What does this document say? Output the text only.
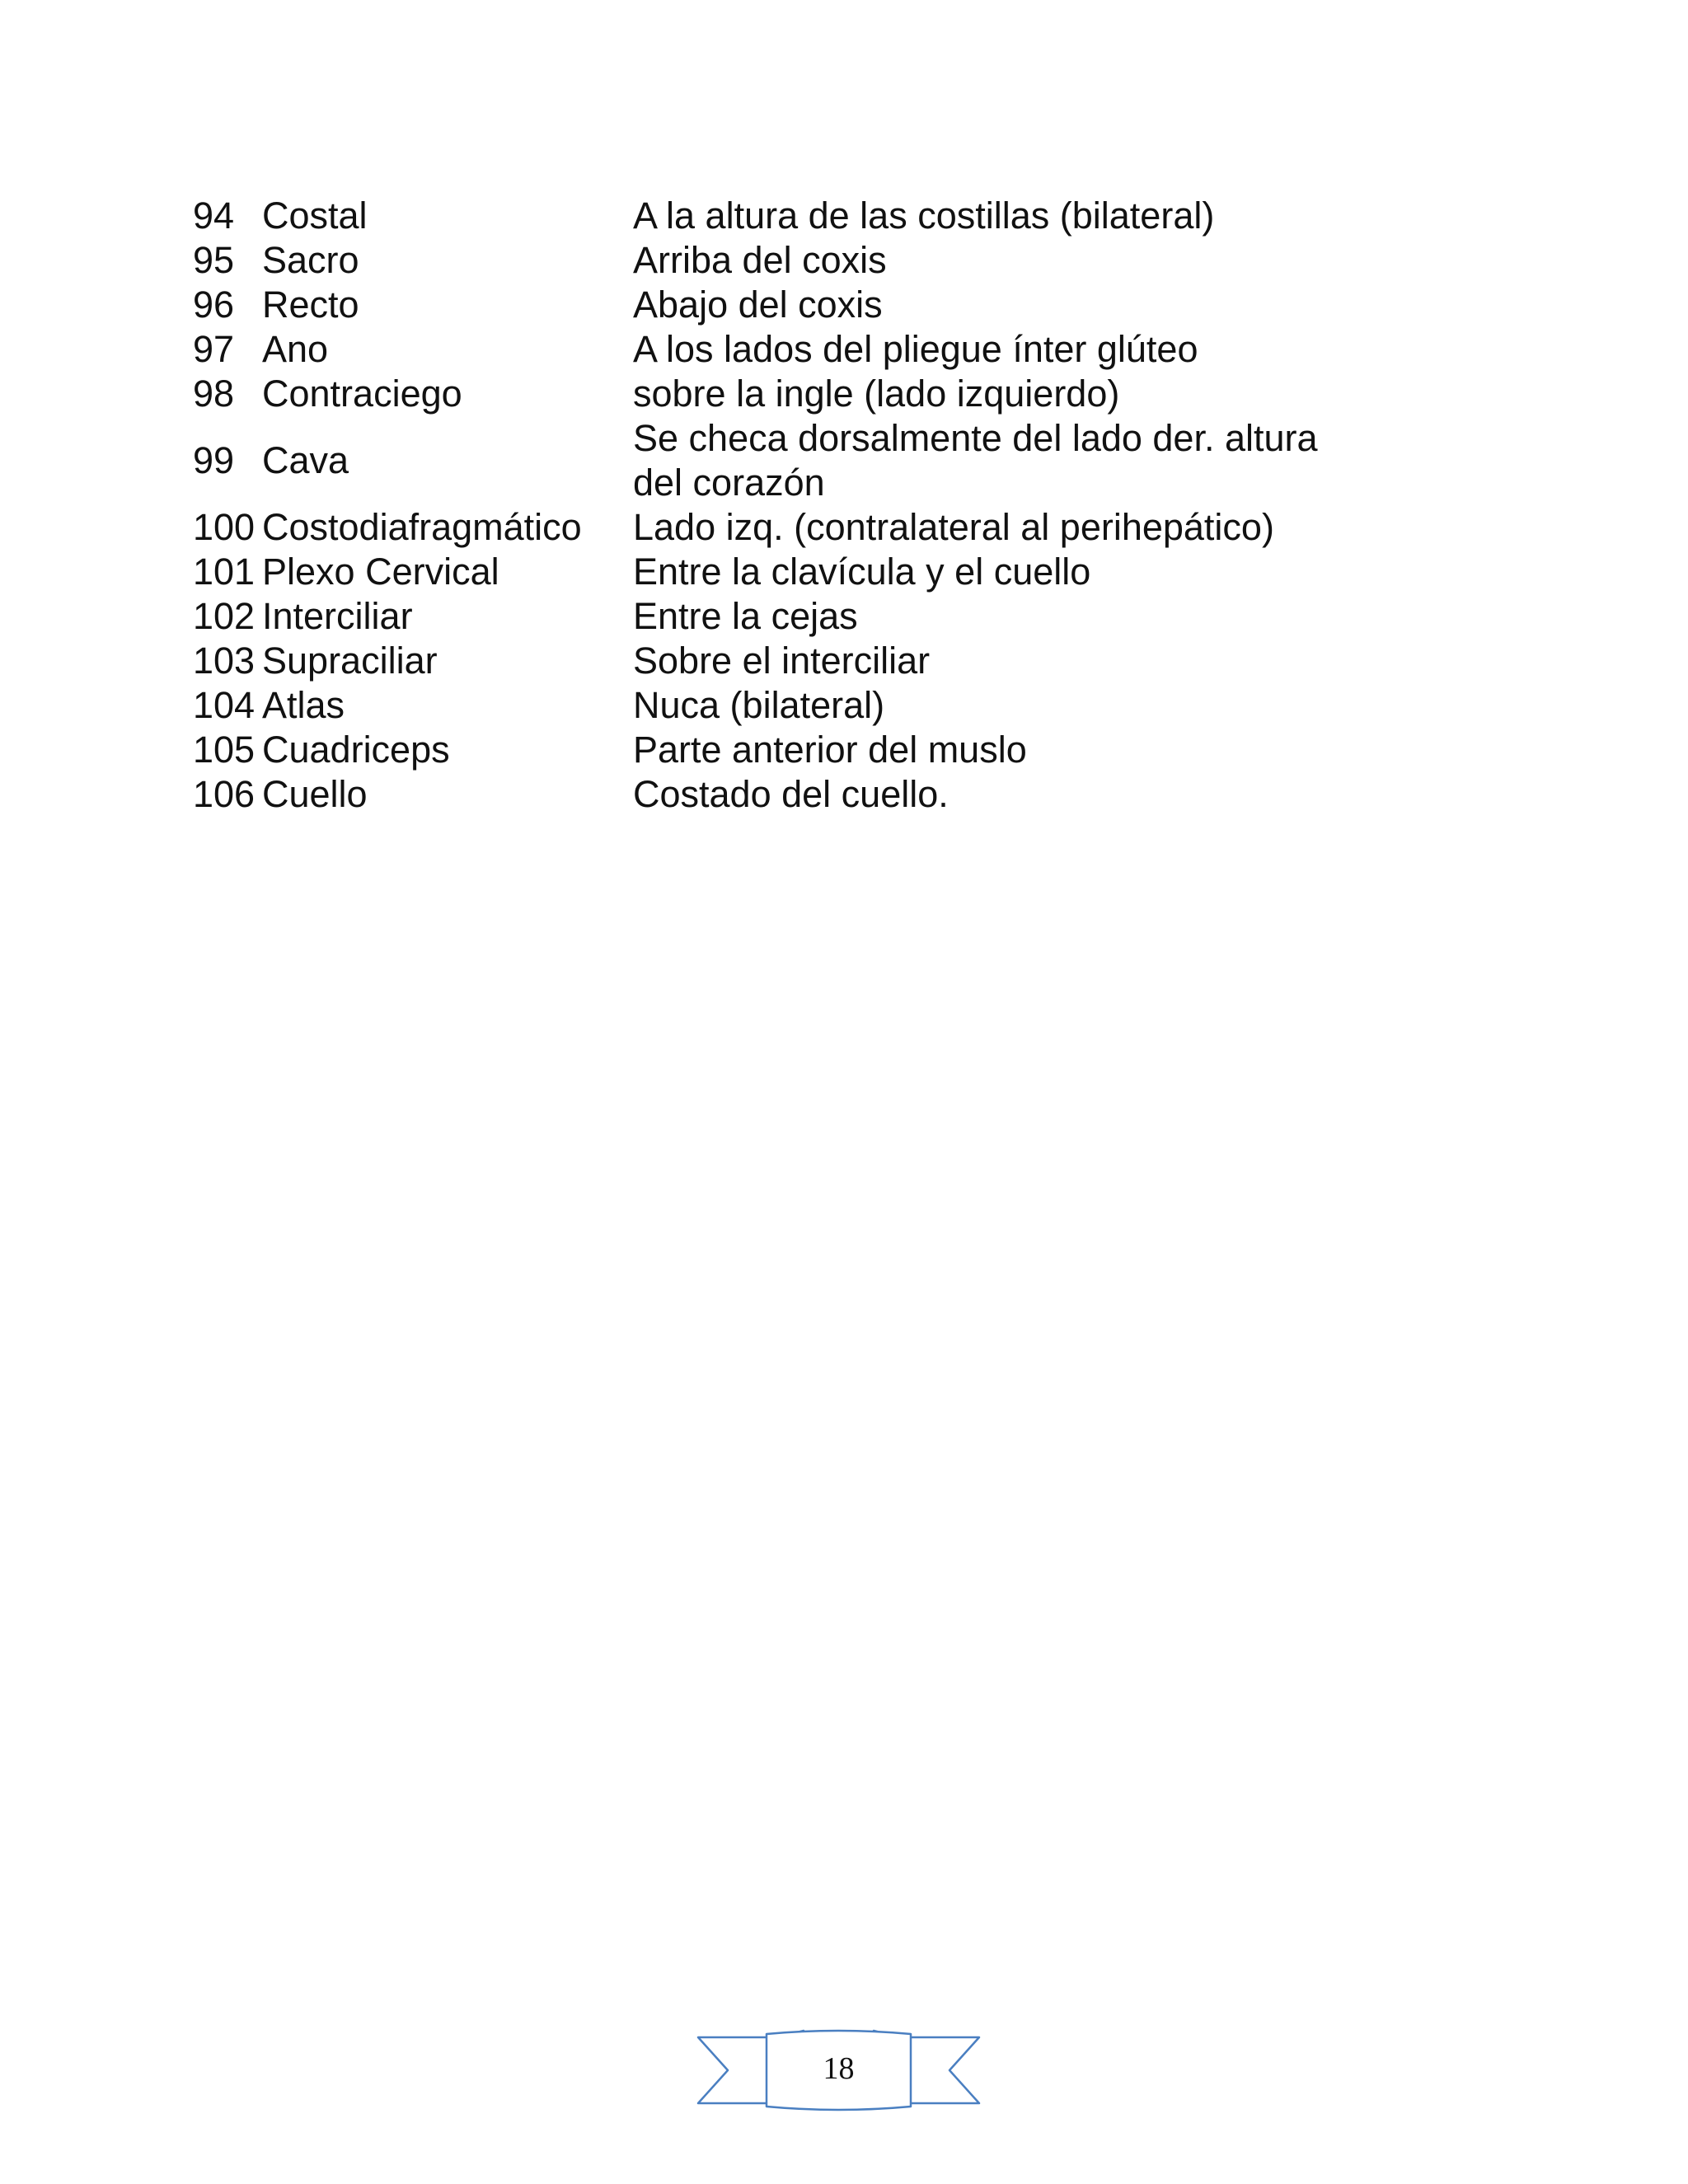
94	Costal	A la altura de las costillas (bilateral)
95	Sacro	Arriba del coxis
96	Recto	Abajo del coxis
97	Ano	A los lados del pliegue ínter glúteo
98	Contraciego	sobre la ingle (lado izquierdo)
99	Cava	Se checa dorsalmente del lado der. altura del corazón
100	Costodiafragmático	Lado izq. (contralateral al perihepático)
101	Plexo Cervical	Entre la clavícula y el cuello
102	Interciliar	Entre la cejas
103	Supraciliar	Sobre el interciliar
104	Atlas	Nuca (bilateral)
105	Cuadriceps	Parte anterior del muslo
106	Cuello	Costado del cuello.
18
